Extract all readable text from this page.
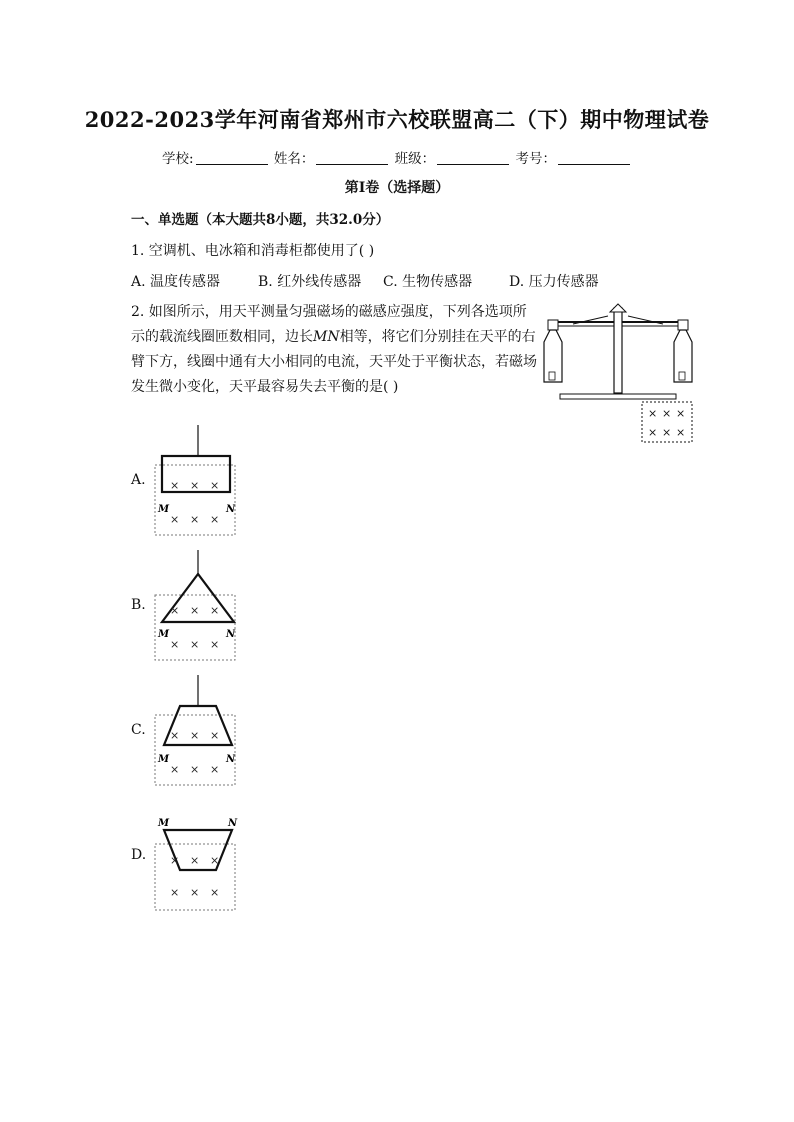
2022-2023学年河南省郑州市六校联盟高二（下）期中物理试卷
学校:	姓名：	班级：	考号：
第I卷（选择题）
一、单选题（本大题共8小题，共32.0分）
1. 空调机、电冰箱和消毒柜都使用了( )
A. 温度传感器	B. 红外线传感器 C. 生物传感器	D. 压力传感器
2. 如图所示，用天平测量匀强磁场的磁感应强度，下列各选项所
示的载流线圈匝数相同，边长MN相等，将它们分别挂在天平的右
臂下方，线圈中通有大小相同的电流，天平处于平衡状态，若磁场
发生微小变化，天平最容易失去平衡的是( )
× × ×
× × ×
A. × × ×
× × ×
M	N
B. × × ×
× × ×
M	N
C. × × ×
× × ×
M	N
D.
M	N
× × ×
× × ×
